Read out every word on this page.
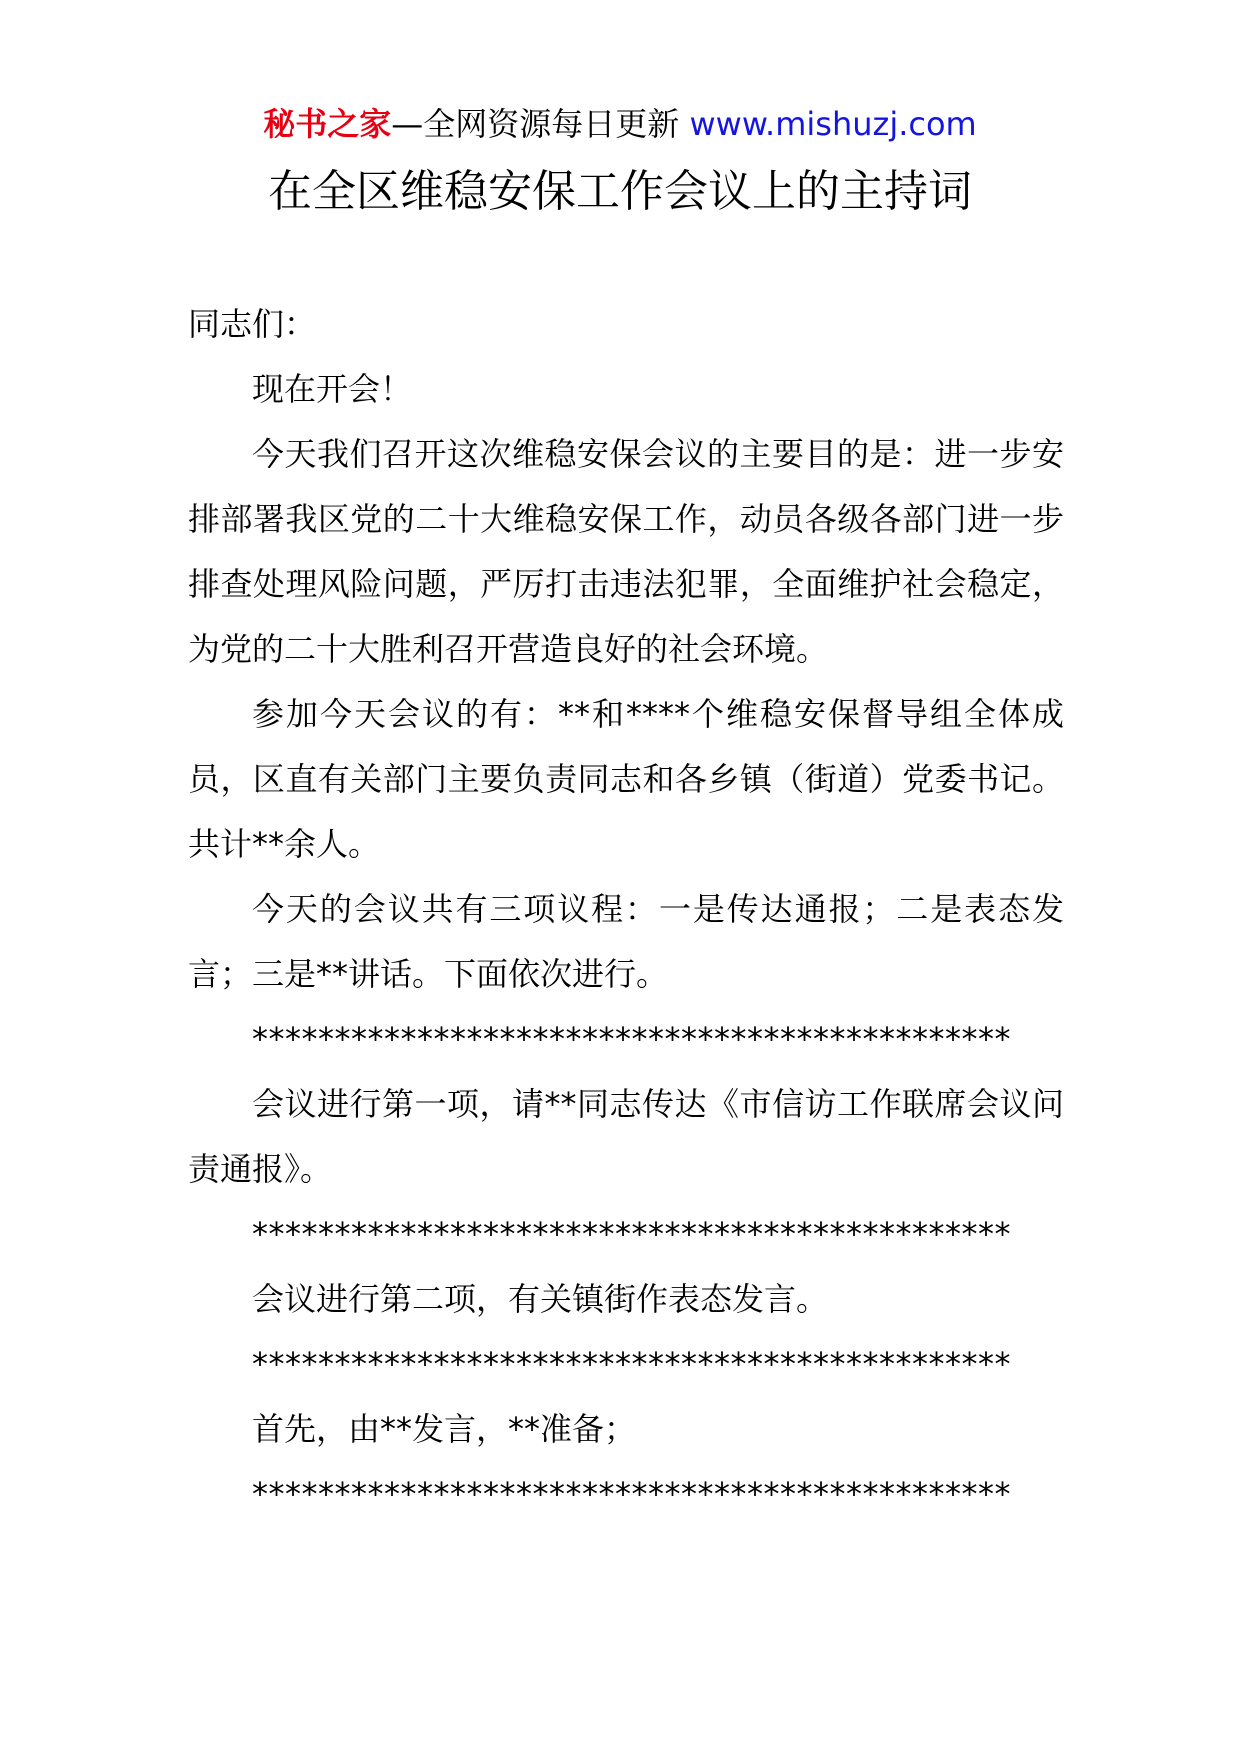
秘书之家—全网资源每日更新 www.mishuzj.com
在全区维稳安保工作会议上的主持词

同志们：

现在开会！

今天我们召开这次维稳安保会议的主要目的是：进一步安排部署我区党的二十大维稳安保工作，动员各级各部门进一步排查处理风险问题，严厉打击违法犯罪，全面维护社会稳定，为党的二十大胜利召开营造良好的社会环境。

参加今天会议的有：**和****个维稳安保督导组全体成员，区直有关部门主要负责同志和各乡镇（街道）党委书记。共计**余人。

今天的会议共有三项议程：一是传达通报；二是表态发言；三是**讲话。下面依次进行。

**********************************************

会议进行第一项，请**同志传达《市信访工作联席会议问责通报》。

**********************************************

会议进行第二项，有关镇街作表态发言。

**********************************************

首先，由**发言，**准备；

**********************************************
